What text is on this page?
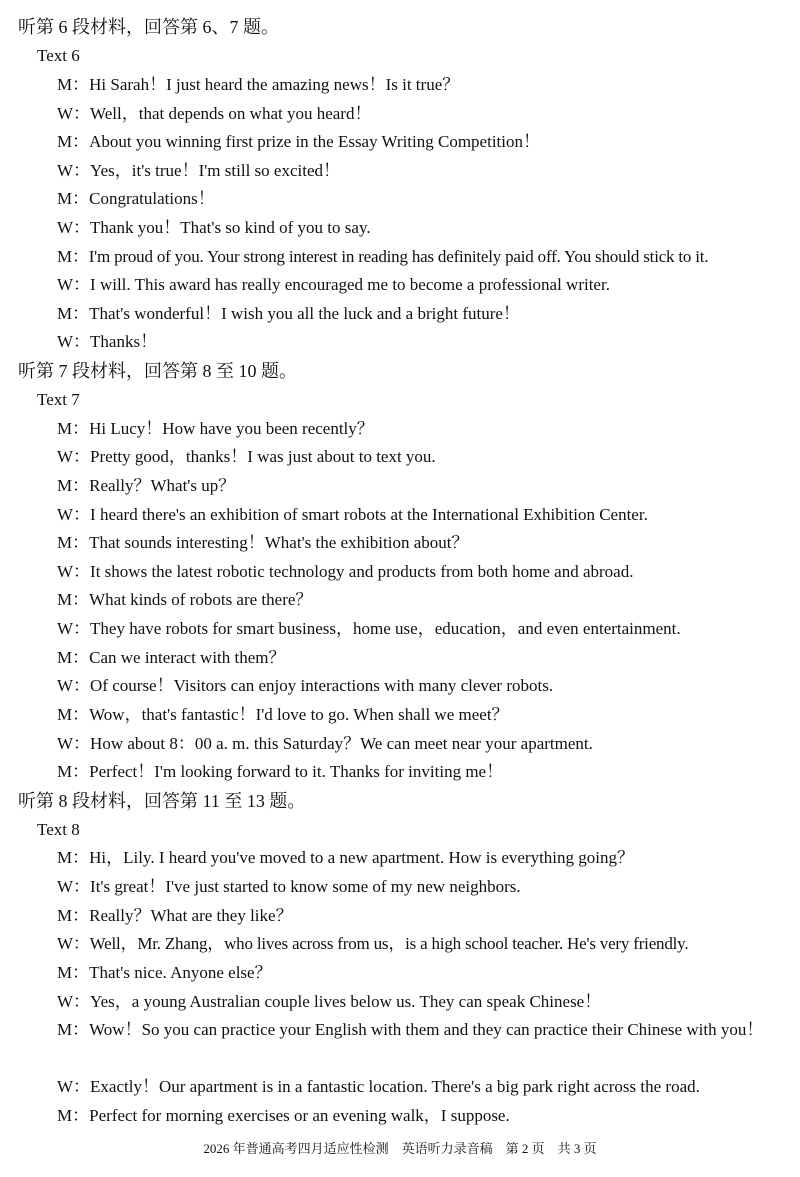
听第 6 段材料，回答第 6、7 题。
Text 6
M：Hi Sarah！I just heard the amazing news！Is it true？
W：Well，that depends on what you heard！
M：About you winning first prize in the Essay Writing Competition！
W：Yes，it's true！I'm still so excited！
M：Congratulations！
W：Thank you！That's so kind of you to say.
M：I'm proud of you. Your strong interest in reading has definitely paid off. You should stick to it.
W：I will. This award has really encouraged me to become a professional writer.
M：That's wonderful！I wish you all the luck and a bright future！
W：Thanks！
听第 7 段材料，回答第 8 至 10 题。
Text 7
M：Hi Lucy！How have you been recently？
W：Pretty good，thanks！I was just about to text you.
M：Really？What's up？
W：I heard there's an exhibition of smart robots at the International Exhibition Center.
M：That sounds interesting！What's the exhibition about？
W：It shows the latest robotic technology and products from both home and abroad.
M：What kinds of robots are there？
W：They have robots for smart business，home use，education，and even entertainment.
M：Can we interact with them？
W：Of course！Visitors can enjoy interactions with many clever robots.
M：Wow，that's fantastic！I'd love to go. When shall we meet？
W：How about 8：00 a. m. this Saturday？We can meet near your apartment.
M：Perfect！I'm looking forward to it. Thanks for inviting me！
听第 8 段材料，回答第 11 至 13 题。
Text 8
M：Hi，Lily. I heard you've moved to a new apartment. How is everything going？
W：It's great！I've just started to know some of my new neighbors.
M：Really？What are they like？
W：Well，Mr. Zhang，who lives across from us，is a high school teacher. He's very friendly.
M：That's nice. Anyone else？
W：Yes，a young Australian couple lives below us. They can speak Chinese！
M：Wow！So you can practice your English with them and they can practice their Chinese with you！
W：Exactly！Our apartment is in a fantastic location. There's a big park right across the road.
M：Perfect for morning exercises or an evening walk，I suppose.
2026 年普通高考四月适应性检测　英语听力录音稿　第 2 页　共 3 页
